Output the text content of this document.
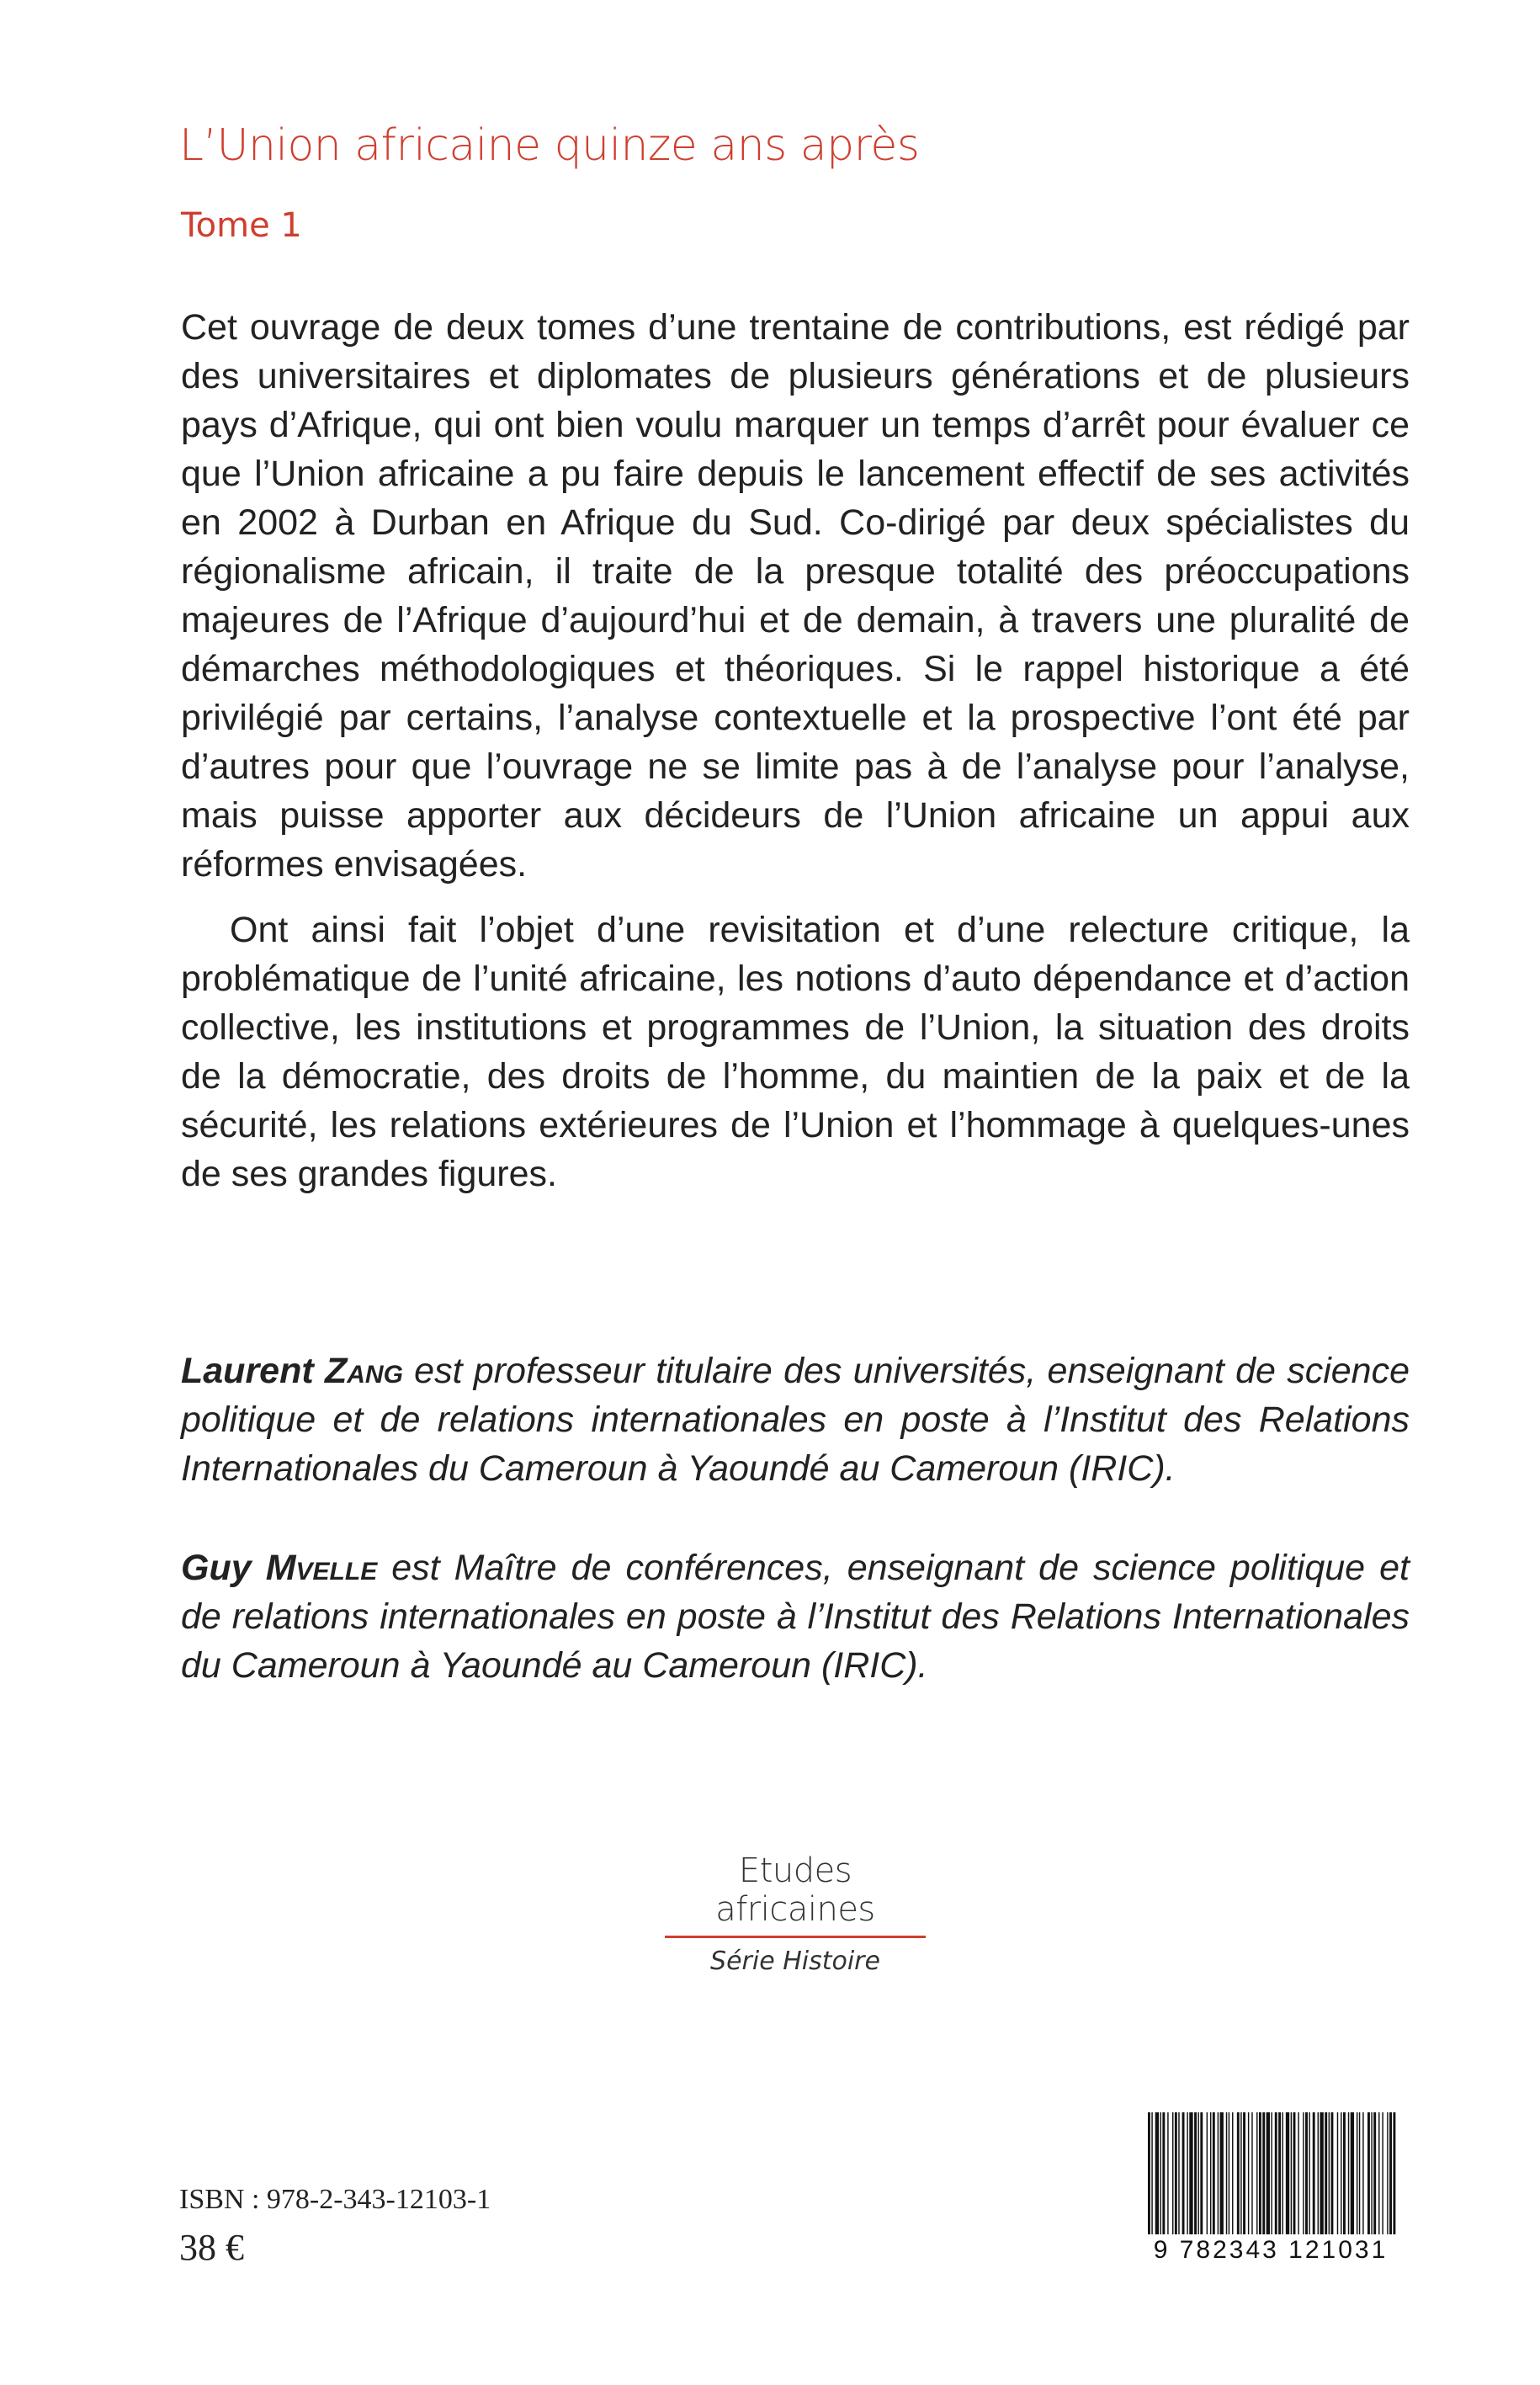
L’Union africaine quinze ans après
Tome 1

Cet ouvrage de deux tomes d’une trentaine de contributions, est rédigé par des universitaires et diplomates de plusieurs générations et de plusieurs pays d’Afrique, qui ont bien voulu marquer un temps d’arrêt pour évaluer ce que l’Union africaine a pu faire depuis le lancement effectif de ses activités en 2002 à Durban en Afrique du Sud. Co-dirigé par deux spécialistes du régionalisme africain, il traite de la presque totalité des préoccupations majeures de l’Afrique d’aujourd’hui et de demain, à travers une pluralité de démarches méthodologiques et théoriques. Si le rappel historique a été privilégié par certains, l’analyse contextuelle et la prospective l’ont été par d’autres pour que l’ouvrage ne se limite pas à de l’analyse pour l’analyse, mais puisse apporter aux décideurs de l’Union africaine un appui aux réformes envisagées.

Ont ainsi fait l’objet d’une revisitation et d’une relecture critique, la problématique de l’unité africaine, les notions d’auto dépendance et d’action collective, les institutions et programmes de l’Union, la situation des droits de la démocratie, des droits de l’homme, du maintien de la paix et de la sécurité, les relations extérieures de l’Union et l’hommage à quelques-unes de ses grandes figures.

Laurent Zang est professeur titulaire des universités, enseignant de science politique et de relations internationales en poste à l’Institut des Relations Internationales du Cameroun à Yaoundé au Cameroun (IRIC).

Guy Mvelle est Maître de conférences, enseignant de science politique et de relations internationales en poste à l’Institut des Relations Internationales du Cameroun à Yaoundé au Cameroun (IRIC).

Etudes africaines
Série Histoire
ISBN : 978-2-343-12103-1
38 €	9 782343 121031
